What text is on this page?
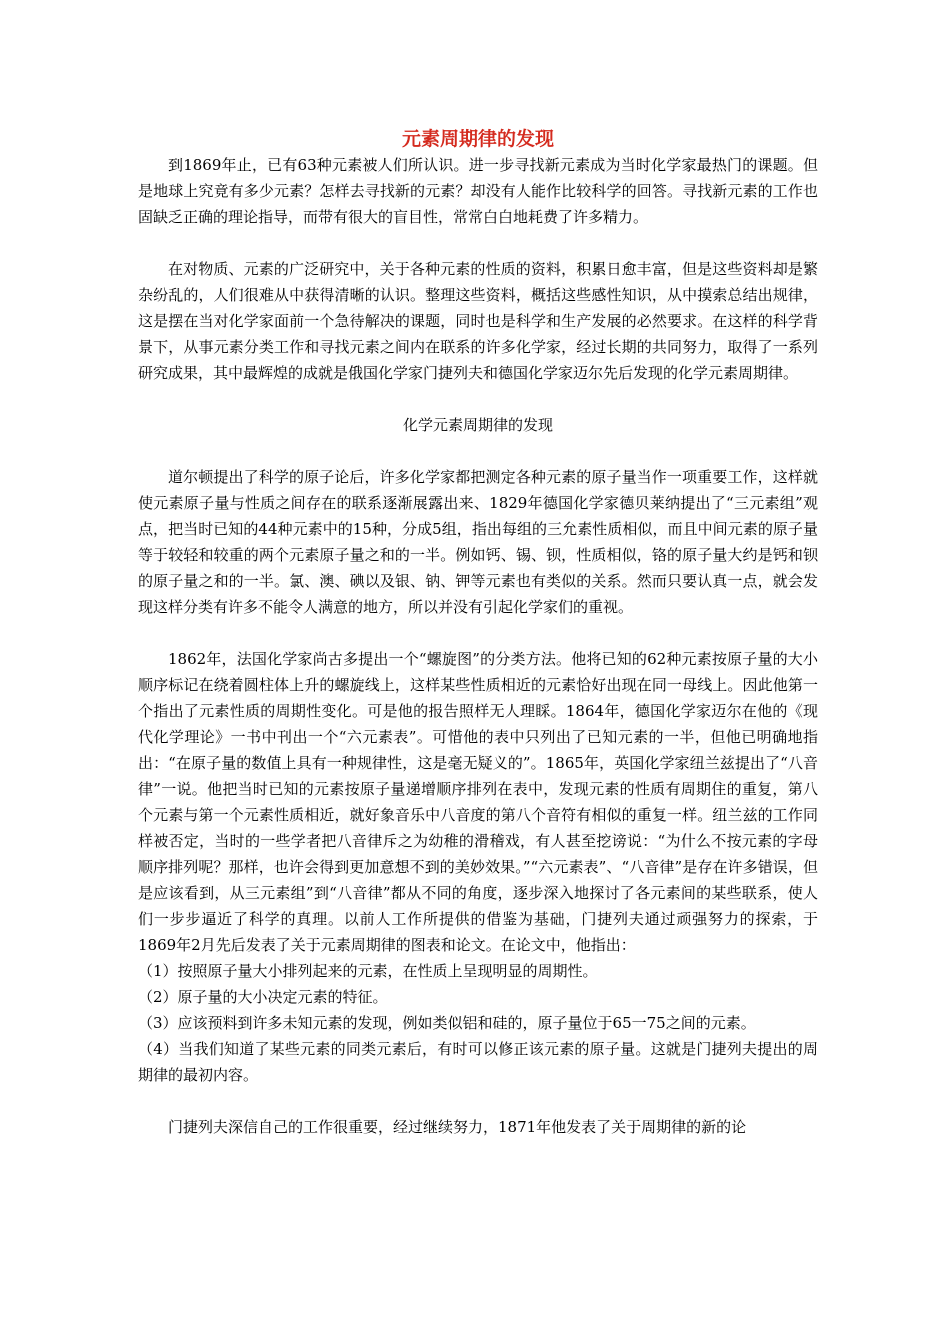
元素周期律的发现

到1869年止，已有63种元素被人们所认识。进一步寻找新元素成为当时化学家最热门的课题。但是地球上究竟有多少元素？怎样去寻找新的元素？却没有人能作比较科学的回答。寻找新元素的工作也固缺乏正确的理论指导，而带有很大的盲目性，常常白白地耗费了许多精力。

在对物质、元素的广泛研究中，关于各种元素的性质的资料，积累日愈丰富，但是这些资料却是繁杂纷乱的，人们很难从中获得清晰的认识。整理这些资料，概括这些感性知识，从中摸索总结出规律，这是摆在当对化学家面前一个急待解决的课题，同时也是科学和生产发展的必然要求。在这样的科学背景下，从事元素分类工作和寻找元素之间内在联系的许多化学家，经过长期的共同努力，取得了一系列研究成果，其中最辉煌的成就是俄国化学家门捷列夫和德国化学家迈尔先后发现的化学元素周期律。

化学元素周期律的发现

道尔顿提出了科学的原子论后，许多化学家都把测定各种元素的原子量当作一项重要工作，这样就使元素原子量与性质之间存在的联系逐渐展露出来、1829年德国化学家德贝莱纳提出了“三元素组”观点，把当时已知的44种元素中的15种，分成5组，指出每组的三允素性质相似，而且中间元素的原子量等于较轻和较重的两个元素原子量之和的一半。例如钙、锡、钡，性质相似，铬的原子量大约是钙和钡的原子量之和的一半。氯、澳、碘以及银、钠、钾等元素也有类似的关系。然而只要认真一点，就会发现这样分类有许多不能令人满意的地方，所以并没有引起化学家们的重视。

1862年，法国化学家尚古多提出一个“螺旋图”的分类方法。他将已知的62种元素按原子量的大小顺序标记在绕着圆柱体上升的螺旋线上，这样某些性质相近的元素恰好出现在同一母线上。因此他第一个指出了元素性质的周期性变化。可是他的报告照样无人理睬。1864年，德国化学家迈尔在他的《现代化学理论》一书中刊出一个“六元素表”。可惜他的表中只列出了已知元素的一半，但他已明确地指出：“在原子量的数值上具有一种规律性，这是毫无疑义的”。1865年，英国化学家纽兰兹提出了“八音律”一说。他把当时已知的元素按原子量递增顺序排列在表中，发现元素的性质有周期住的重复，第八个元素与第一个元素性质相近，就好象音乐中八音度的第八个音符有相似的重复一样。纽兰兹的工作同样被否定，当时的一些学者把八音律斥之为幼稚的滑稽戏，有人甚至挖谤说：“为什么不按元素的字母顺序排列呢？那样，也许会得到更加意想不到的美妙效果。”“六元素表”、“八音律”是存在许多错误，但是应该看到，从三元素组”到“八音律”都从不同的角度，逐步深入地探讨了各元素间的某些联系，使人们一步步逼近了科学的真理。以前人工作所提供的借鉴为基础，门捷列夫通过顽强努力的探索，于1869年2月先后发表了关于元素周期律的图表和论文。在论文中，他指出：

（1）按照原子量大小排列起来的元素，在性质上呈现明显的周期性。

（2）原子量的大小决定元素的特征。

（3）应该预料到许多未知元素的发现，例如类似铝和硅的，原子量位于65一75之间的元素。

（4）当我们知道了某些元素的同类元素后，有时可以修正该元素的原子量。这就是门捷列夫提出的周期律的最初内容。

门捷列夫深信自己的工作很重要，经过继续努力，1871年他发表了关于周期律的新的论
